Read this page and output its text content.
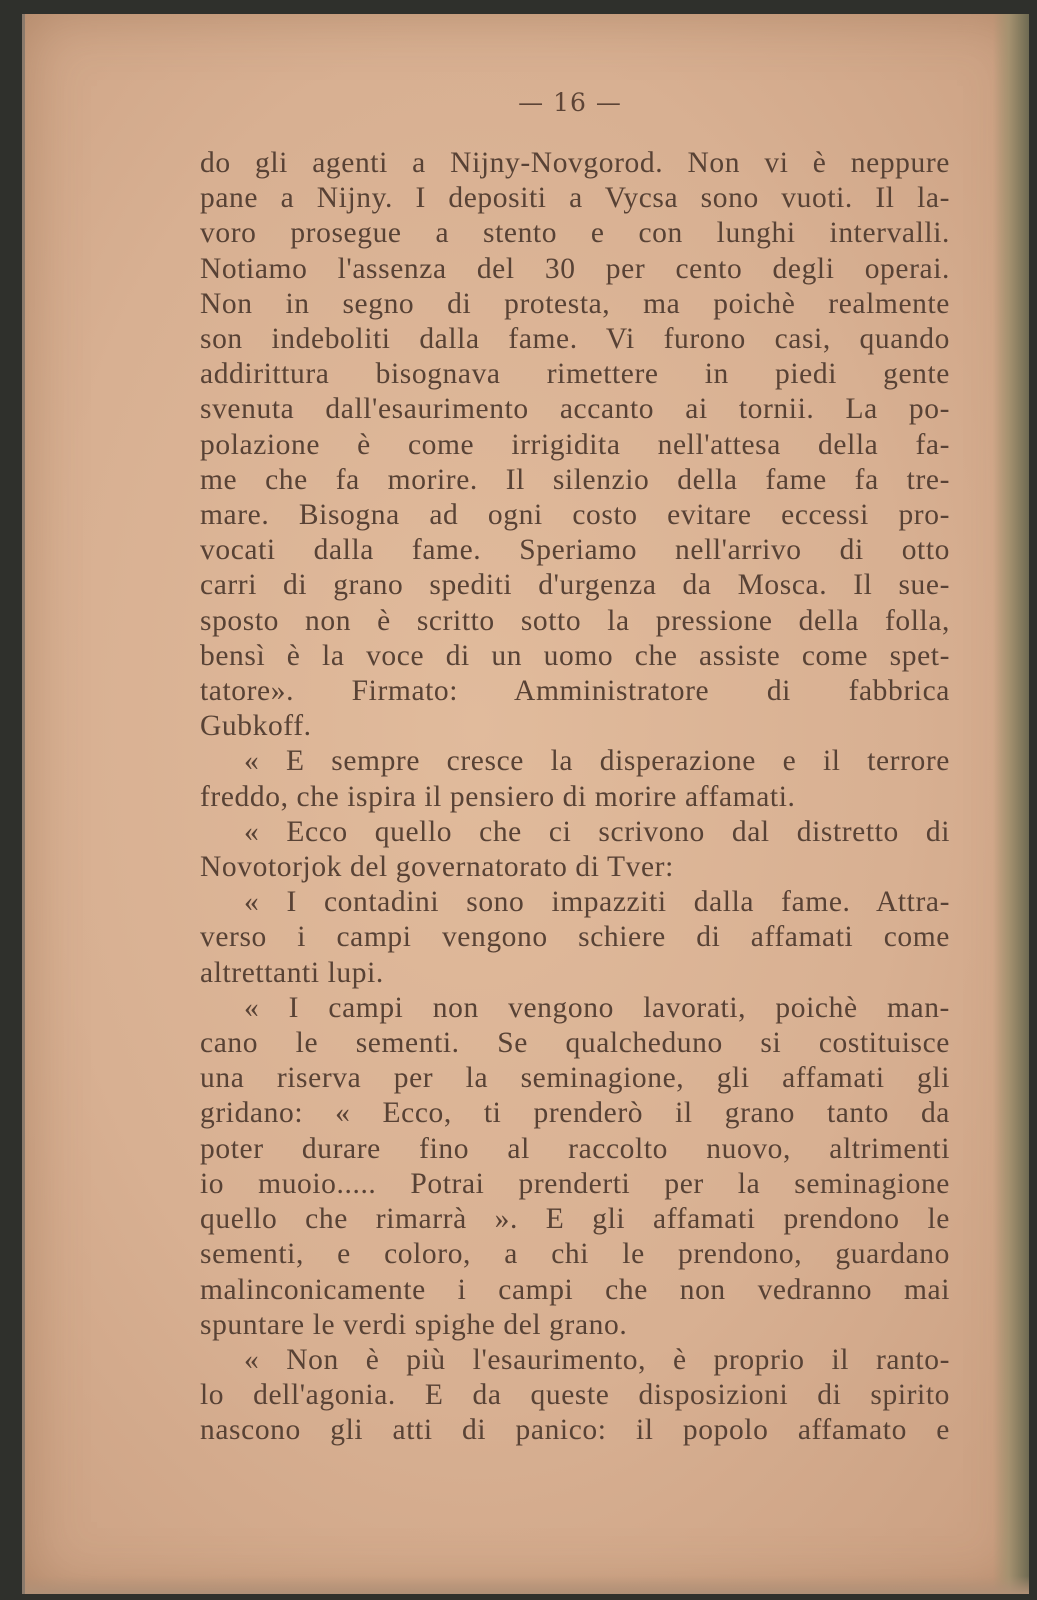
— 16 —
do gli agenti a Nijny-Novgorod. Non vi è neppure
pane a Nijny. I depositi a Vycsa sono vuoti. Il la-
voro prosegue a stento e con lunghi intervalli.
Notiamo l'assenza del 30 per cento degli operai.
Non in segno di protesta, ma poichè realmente
son indeboliti dalla fame. Vi furono casi, quando
addirittura bisognava rimettere in piedi gente
svenuta dall'esaurimento accanto ai tornii. La po-
polazione è come irrigidita nell'attesa della fa-
me che fa morire. Il silenzio della fame fa tre-
mare. Bisogna ad ogni costo evitare eccessi pro-
vocati dalla fame. Speriamo nell'arrivo di otto
carri di grano spediti d'urgenza da Mosca. Il sue-
sposto non è scritto sotto la pressione della folla,
bensì è la voce di un uomo che assiste come spet-
tatore». Firmato: Amministratore di fabbrica
Gubkoff.
« E sempre cresce la disperazione e il terrore
freddo, che ispira il pensiero di morire affamati.
« Ecco quello che ci scrivono dal distretto di
Novotorjok del governatorato di Tver:
« I contadini sono impazziti dalla fame. Attra-
verso i campi vengono schiere di affamati come
altrettanti lupi.
« I campi non vengono lavorati, poichè man-
cano le sementi. Se qualcheduno si costituisce
una riserva per la seminagione, gli affamati gli
gridano: « Ecco, ti prenderò il grano tanto da
poter durare fino al raccolto nuovo, altrimenti
io muoio..... Potrai prenderti per la seminagione
quello che rimarrà ». E gli affamati prendono le
sementi, e coloro, a chi le prendono, guardano
malinconicamente i campi che non vedranno mai
spuntare le verdi spighe del grano.
« Non è più l'esaurimento, è proprio il ranto-
lo dell'agonia. E da queste disposizioni di spirito
nascono gli atti di panico: il popolo affamato e
